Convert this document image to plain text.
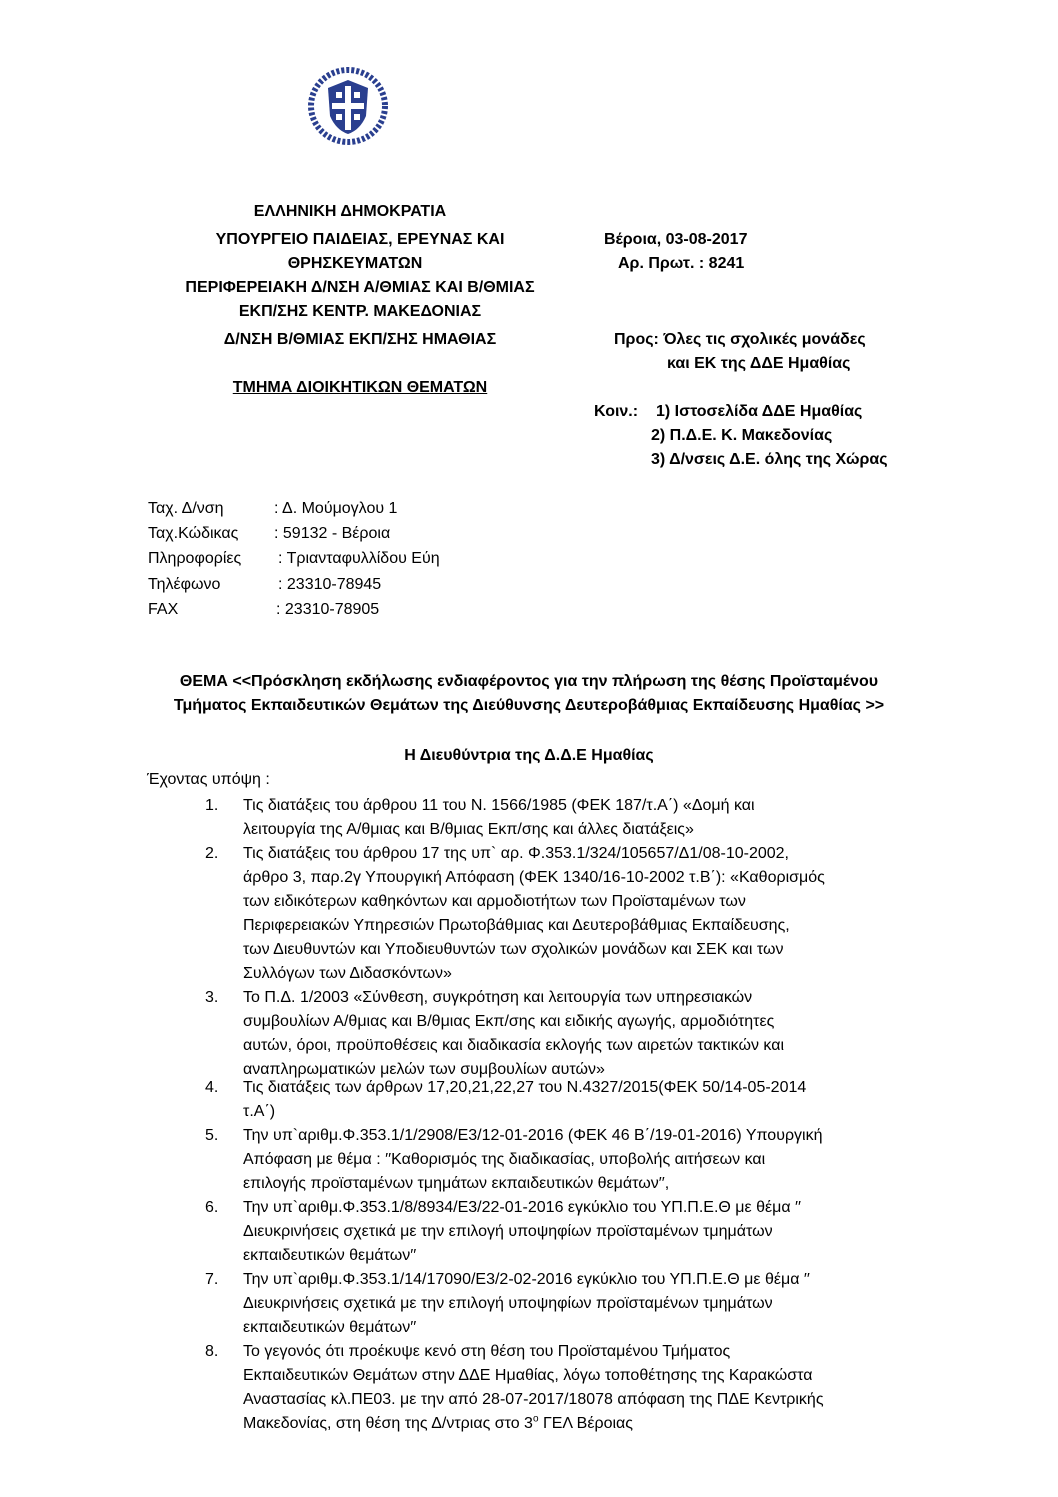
ΕΛΛΗΝΙΚΗ ΔΗΜΟΚΡΑΤΙΑ
ΥΠΟΥΡΓΕΙΟ ΠΑΙΔΕΙΑΣ, ΕΡΕΥΝΑΣ ΚΑΙ
ΘΡΗΣΚΕΥΜΑΤΩΝ
ΠΕΡΙΦΕΡΕΙΑΚΗ Δ/ΝΣΗ Α/ΘΜΙΑΣ ΚΑΙ Β/ΘΜΙΑΣ
ΕΚΠ/ΣΗΣ ΚΕΝΤΡ. ΜΑΚΕΔΟΝΙΑΣ
Δ/ΝΣΗ Β/ΘΜΙΑΣ ΕΚΠ/ΣΗΣ ΗΜΑΘΙΑΣ
ΤΜΗΜΑ ΔΙΟΙΚΗΤΙΚΩΝ ΘΕΜΑΤΩΝ
Βέροια, 03-08-2017
Αρ. Πρωτ. : 8241
Προς: Όλες τις σχολικές μονάδες
και ΕΚ της ΔΔΕ Ημαθίας
Κοιν.: 1) Ιστοσελίδα ΔΔΕ Ημαθίας
2) Π.Δ.Ε. Κ. Μακεδονίας
3) Δ/νσεις Δ.Ε. όλης της Χώρας
Ταχ. Δ/νση	: Δ. Μούμογλου 1
Ταχ.Κώδικας : 59132 - Βέροια
Πληροφορίες : Τριανταφυλλίδου Εύη
Τηλέφωνο	: 23310-78945
FAX	: 23310-78905
ΘΕΜΑ <<Πρόσκληση εκδήλωσης ενδιαφέροντος για την πλήρωση της θέσης Προϊσταμένου
Τμήματος Εκπαιδευτικών Θεμάτων της Διεύθυνσης Δευτεροβάθμιας Εκπαίδευσης Ημαθίας >>
Η Διευθύντρια της Δ.Δ.Ε Ημαθίας
Έχοντας υπόψη :
1.	Τις διατάξεις του άρθρου 11 του Ν. 1566/1985 (ΦΕΚ 187/τ.Α΄) «Δομή και
λειτουργία της Α/θμιας και Β/θμιας Εκπ/σης και άλλες διατάξεις»
2.	Τις διατάξεις του άρθρου 17 της υπ` αρ. Φ.353.1/324/105657/Δ1/08-10-2002,
άρθρο 3, παρ.2γ Υπουργική Απόφαση (ΦΕΚ 1340/16-10-2002 τ.Β΄): «Καθορισμός
των ειδικότερων καθηκόντων και αρμοδιοτήτων των Προϊσταμένων των
Περιφερειακών Υπηρεσιών Πρωτοβάθμιας και Δευτεροβάθμιας Εκπαίδευσης,
των Διευθυντών και Υποδιευθυντών των σχολικών μονάδων και ΣΕΚ και των
Συλλόγων των Διδασκόντων»
3.	Το Π.Δ. 1/2003 «Σύνθεση, συγκρότηση και λειτουργία των υπηρεσιακών
συμβουλίων Α/θμιας και Β/θμιας Εκπ/σης και ειδικής αγωγής, αρμοδιότητες
αυτών, όροι, προϋποθέσεις και διαδικασία εκλογής των αιρετών τακτικών και
αναπληρωματικών μελών των συμβουλίων αυτών»
4.	Τις διατάξεις των άρθρων 17,20,21,22,27 του Ν.4327/2015(ΦΕΚ 50/14-05-2014
τ.Α΄)
5.	Την υπ`αριθμ.Φ.353.1/1/2908/Ε3/12-01-2016 (ΦΕΚ 46 Β΄/19-01-2016) Υπουργική
Απόφαση με θέμα : ′′Καθορισμός της διαδικασίας, υποβολής αιτήσεων και
επιλογής προϊσταμένων τμημάτων εκπαιδευτικών θεμάτων′′,
6.	Την υπ`αριθμ.Φ.353.1/8/8934/Ε3/22-01-2016 εγκύκλιο του ΥΠ.Π.Ε.Θ με θέμα ′′
Διευκρινήσεις σχετικά με την επιλογή υποψηφίων προϊσταμένων τμημάτων
εκπαιδευτικών θεμάτων′′
7.	Την υπ`αριθμ.Φ.353.1/14/17090/Ε3/2-02-2016 εγκύκλιο του ΥΠ.Π.Ε.Θ με θέμα ′′
Διευκρινήσεις σχετικά με την επιλογή υποψηφίων προϊσταμένων τμημάτων
εκπαιδευτικών θεμάτων′′
8.	Το γεγονός ότι προέκυψε κενό στη θέση του Προϊσταμένου Τμήματος
Εκπαιδευτικών Θεμάτων στην ΔΔΕ Ημαθίας, λόγω τοποθέτησης της Καρακώστα
Αναστασίας κλ.ΠΕ03. με την από 28-07-2017/18078 απόφαση της ΠΔΕ Κεντρικής
Μακεδονίας, στη θέση της Δ/ντριας στο $3^o$ ΓΕΛ Βέροιας
